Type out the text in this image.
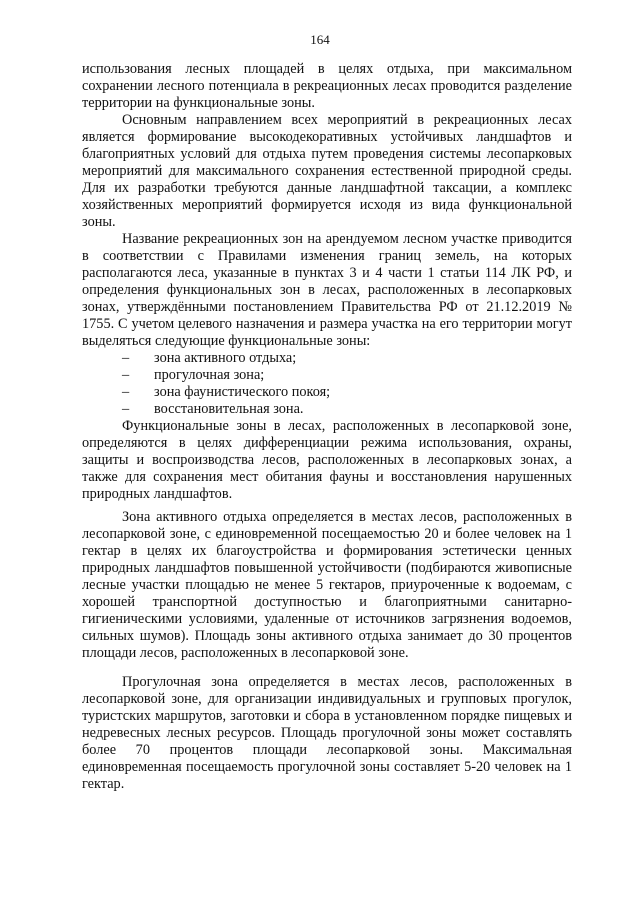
164

использования лесных площадей в целях отдыха, при максимальном сохранении лесного потенциала в рекреационных лесах проводится разделение территории на функциональные зоны.

Основным направлением всех мероприятий в рекреационных лесах является формирование высокодекоративных устойчивых ландшафтов и благоприятных условий для отдыха путем проведения системы лесопарковых мероприятий для максимального сохранения естественной природной среды. Для их разработки требуются данные ландшафтной таксации, а комплекс хозяйственных мероприятий формируется исходя из вида функциональной зоны.

Название рекреационных зон на арендуемом лесном участке приводится в соответствии с Правилами изменения границ земель, на которых располагаются леса, указанные в пунктах 3 и 4 части 1 статьи 114 ЛК РФ, и определения функциональных зон в лесах, расположенных в лесопарковых зонах, утверждёнными постановлением Правительства РФ от 21.12.2019 № 1755. С учетом целевого назначения и размера участка на его территории могут выделяться следующие функциональные зоны:

–	зона активного отдыха;
–	прогулочная зона;
–	зона фаунистического покоя;
–	восстановительная зона.

Функциональные зоны в лесах, расположенных в лесопарковой зоне, определяются в целях дифференциации режима использования, охраны, защиты и воспроизводства лесов, расположенных в лесопарковых зонах, а также для сохранения мест обитания фауны и восстановления нарушенных природных ландшафтов.

Зона активного отдыха определяется в местах лесов, расположенных в лесопарковой зоне, с единовременной посещаемостью 20 и более человек на 1 гектар в целях их благоустройства и формирования эстетически ценных природных ландшафтов повышенной устойчивости (подбираются живописные лесные участки площадью не менее 5 гектаров, приуроченные к водоемам, с хорошей транспортной доступностью и благоприятными санитарно-гигиеническими условиями, удаленные от источников загрязнения водоемов, сильных шумов). Площадь зоны активного отдыха занимает до 30 процентов площади лесов, расположенных в лесопарковой зоне.

Прогулочная зона определяется в местах лесов, расположенных в лесопарковой зоне, для организации индивидуальных и групповых прогулок, туристских маршрутов, заготовки и сбора в установленном порядке пищевых и недревесных лесных ресурсов. Площадь прогулочной зоны может составлять более 70 процентов площади лесопарковой зоны. Максимальная единовременная посещаемость прогулочной зоны составляет 5-20 человек на 1 гектар.
